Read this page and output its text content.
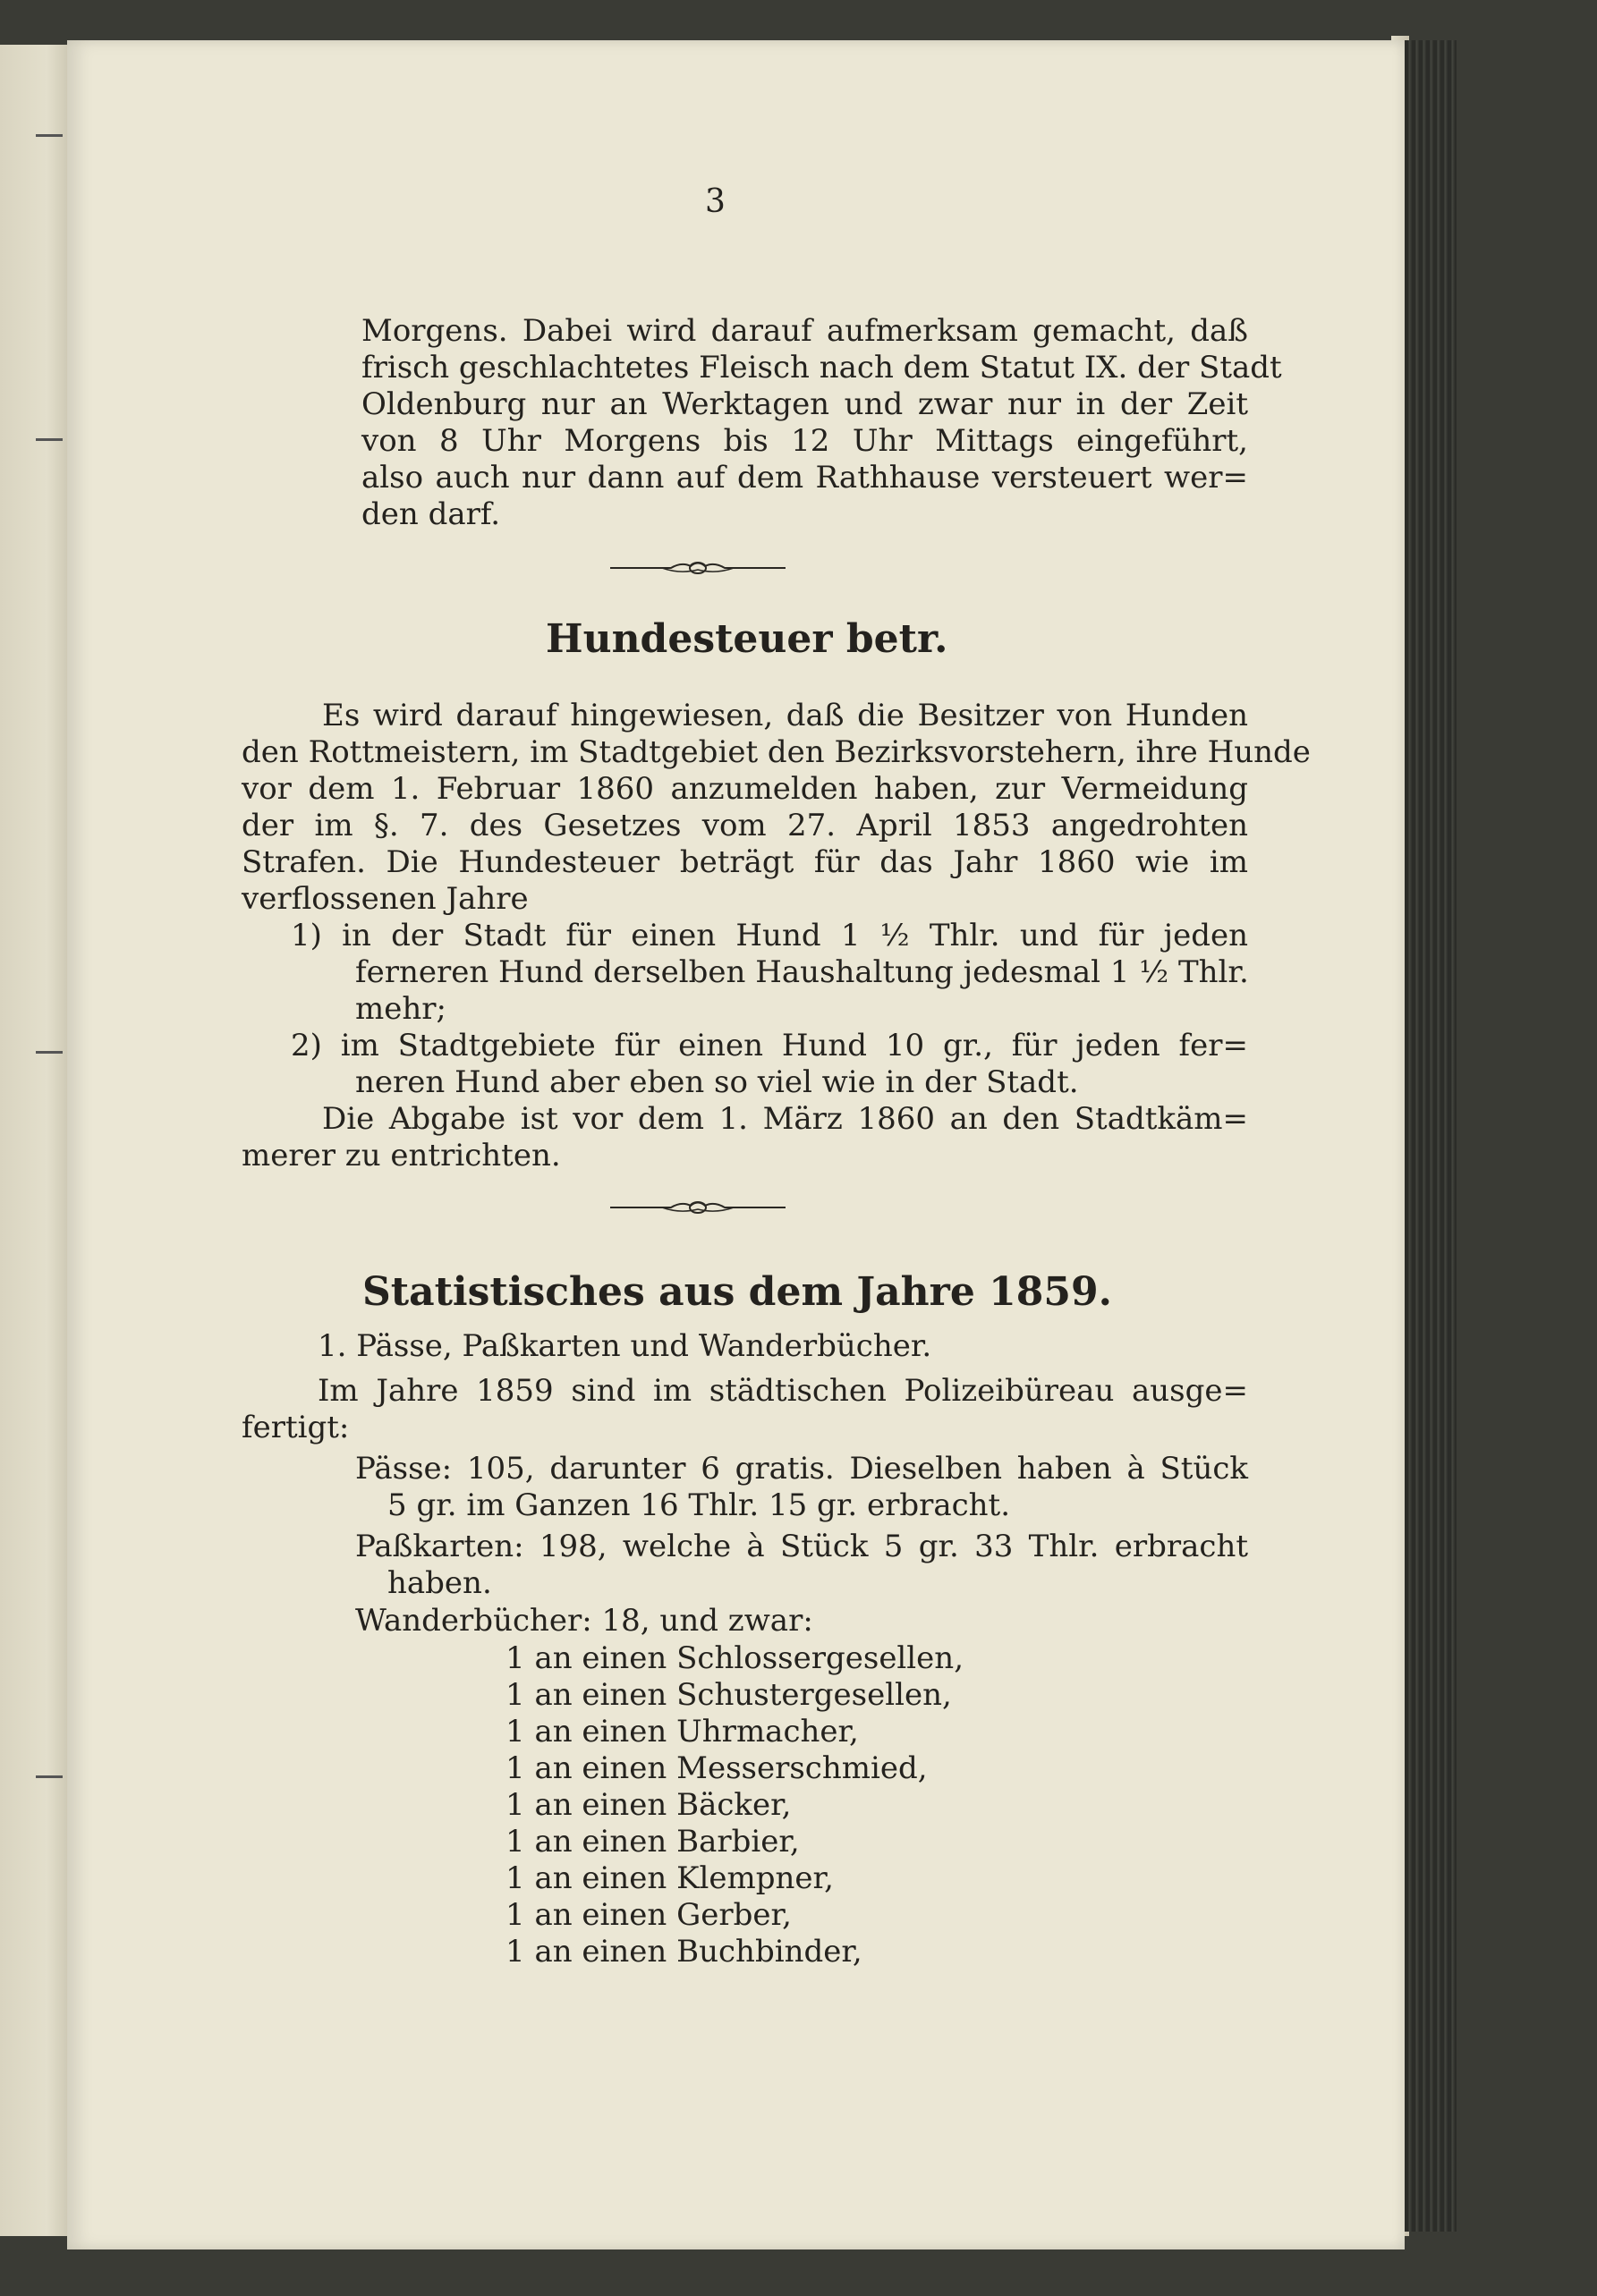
3
Morgens. Dabei wird darauf aufmerksam gemacht, daß
frisch geschlachtetes Fleisch nach dem Statut IX. der Stadt
Oldenburg nur an Werktagen und zwar nur in der Zeit
von 8 Uhr Morgens bis 12 Uhr Mittags eingeführt,
also auch nur dann auf dem Rathhause versteuert wer=
den darf.
Hundesteuer betr.
Es wird darauf hingewiesen, daß die Besitzer von Hunden
den Rottmeistern, im Stadtgebiet den Bezirksvorstehern, ihre Hunde
vor dem 1. Februar 1860 anzumelden haben, zur Vermeidung
der im §. 7. des Gesetzes vom 27. April 1853 angedrohten
Strafen. Die Hundesteuer beträgt für das Jahr 1860 wie im
verflossenen Jahre
1) in der Stadt für einen Hund 1 ½ Thlr. und für jeden
ferneren Hund derselben Haushaltung jedesmal 1 ½ Thlr.
mehr;
2) im Stadtgebiete für einen Hund 10 gr., für jeden fer=
neren Hund aber eben so viel wie in der Stadt.
Die Abgabe ist vor dem 1. März 1860 an den Stadtkäm=
merer zu entrichten.
Statistisches aus dem Jahre 1859.
1. Pässe, Paßkarten und Wanderbücher.
Im Jahre 1859 sind im städtischen Polizeibüreau ausge=
fertigt:
Pässe: 105, darunter 6 gratis. Dieselben haben à Stück
5 gr. im Ganzen 16 Thlr. 15 gr. erbracht.
Paßkarten: 198, welche à Stück 5 gr. 33 Thlr. erbracht
haben.
Wanderbücher: 18, und zwar:
1 an einen Schlossergesellen,
1 an einen Schustergesellen,
1 an einen Uhrmacher,
1 an einen Messerschmied,
1 an einen Bäcker,
1 an einen Barbier,
1 an einen Klempner,
1 an einen Gerber,
1 an einen Buchbinder,
